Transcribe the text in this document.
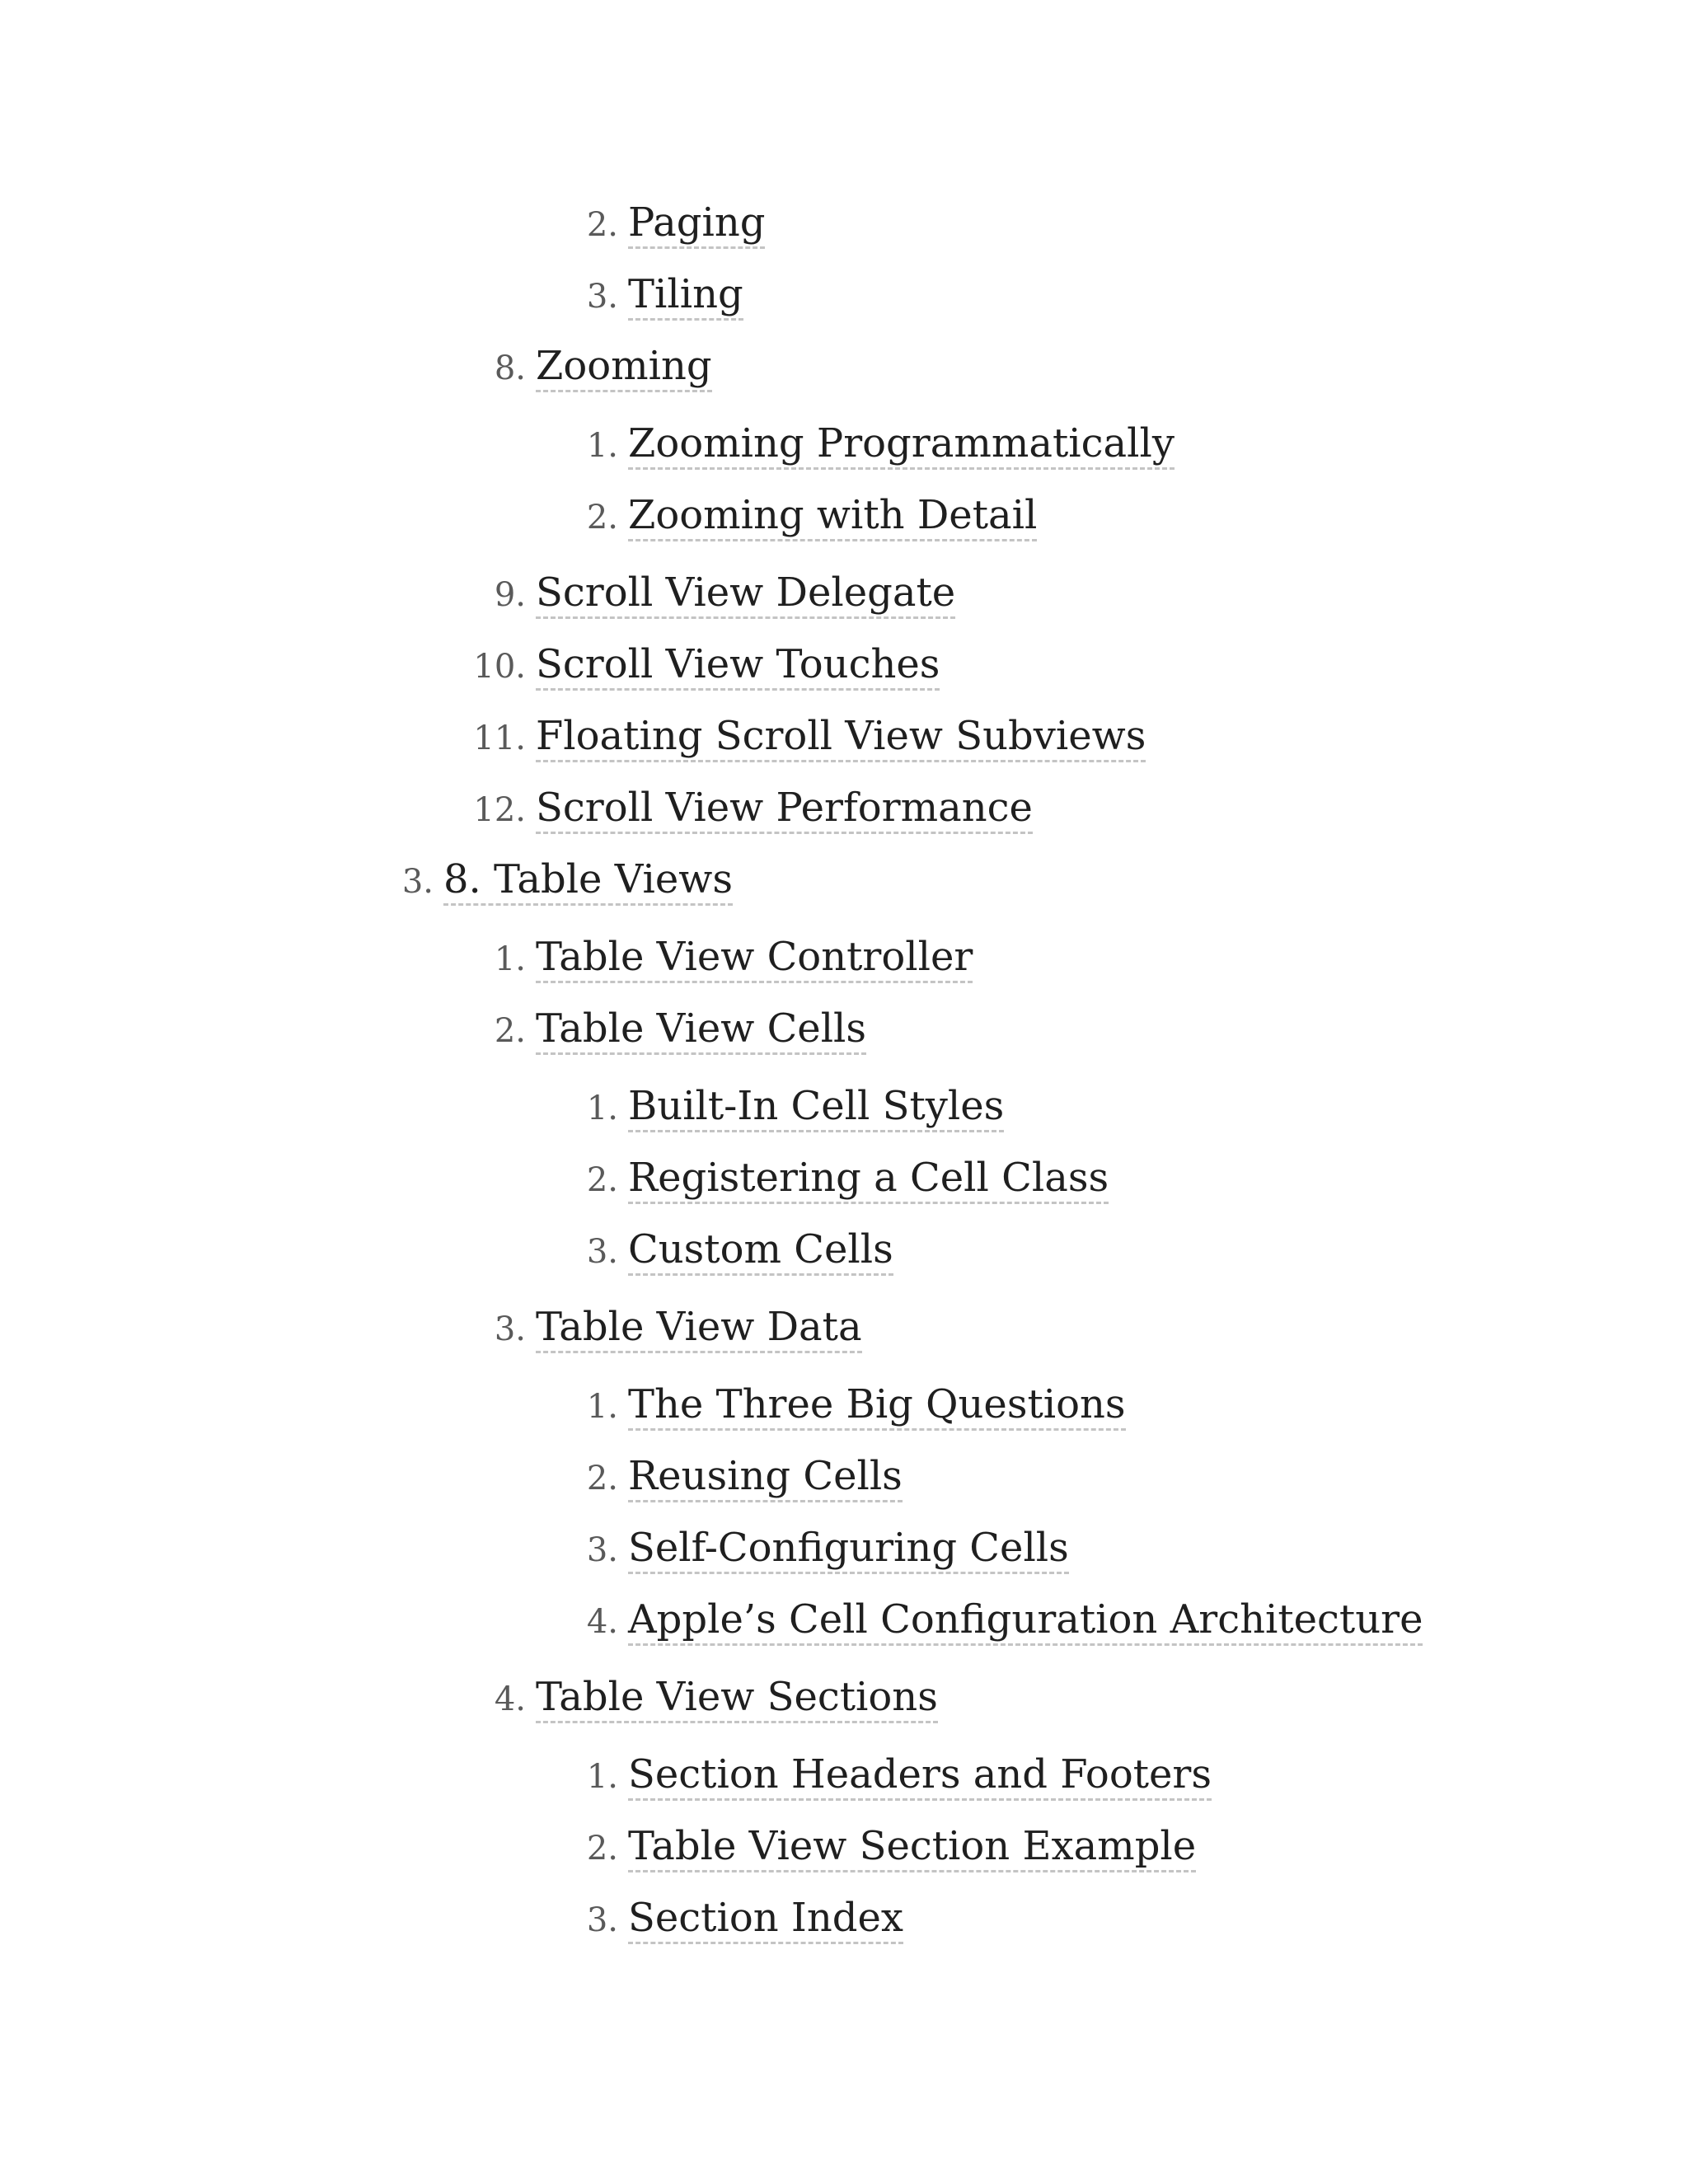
2. Paging
3. Tiling
8. Zooming
1. Zooming Programmatically
2. Zooming with Detail
9. Scroll View Delegate
10. Scroll View Touches
11. Floating Scroll View Subviews
12. Scroll View Performance
3. 8. Table Views
1. Table View Controller
2. Table View Cells
1. Built-In Cell Styles
2. Registering a Cell Class
3. Custom Cells
3. Table View Data
1. The Three Big Questions
2. Reusing Cells
3. Self-Configuring Cells
4. Apple’s Cell Configuration Architecture
4. Table View Sections
1. Section Headers and Footers
2. Table View Section Example
3. Section Index
